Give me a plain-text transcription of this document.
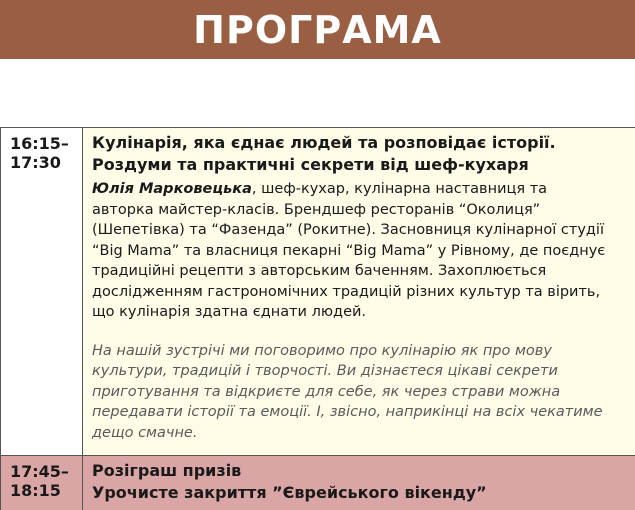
ПРОГРАМА
16:15–
17:30
Кулінарія, яка єднає людей та розповідає історії.
Роздуми та практичні секрети від шеф-кухаря
Юлія Марковецька, шеф-кухар, кулінарна наставниця та авторка майстер-класів. Брендшеф ресторанів “Околиця” (Шепетівка) та “Фазенда” (Рокитне). Засновниця кулінарної студії “Big Mama” та власниця пекарні “Big Mama” у Рівному, де поєднує традиційні рецепти з авторським баченням. Захоплюється дослідженням гастрономічних традицій різних культур та вірить, що кулінарія здатна єднати людей.
На нашій зустрічі ми поговоримо про кулінарію як про мову культури, традицій і творчості. Ви дізнаєтеся цікаві секрети приготування та відкриєте для себе, як через страви можна передавати історії та емоції. І, звісно, наприкінці на всіх чекатиме дещо смачне.
17:45–
18:15
Розіграш призів
Урочисте закриття ”Єврейського вікенду”
